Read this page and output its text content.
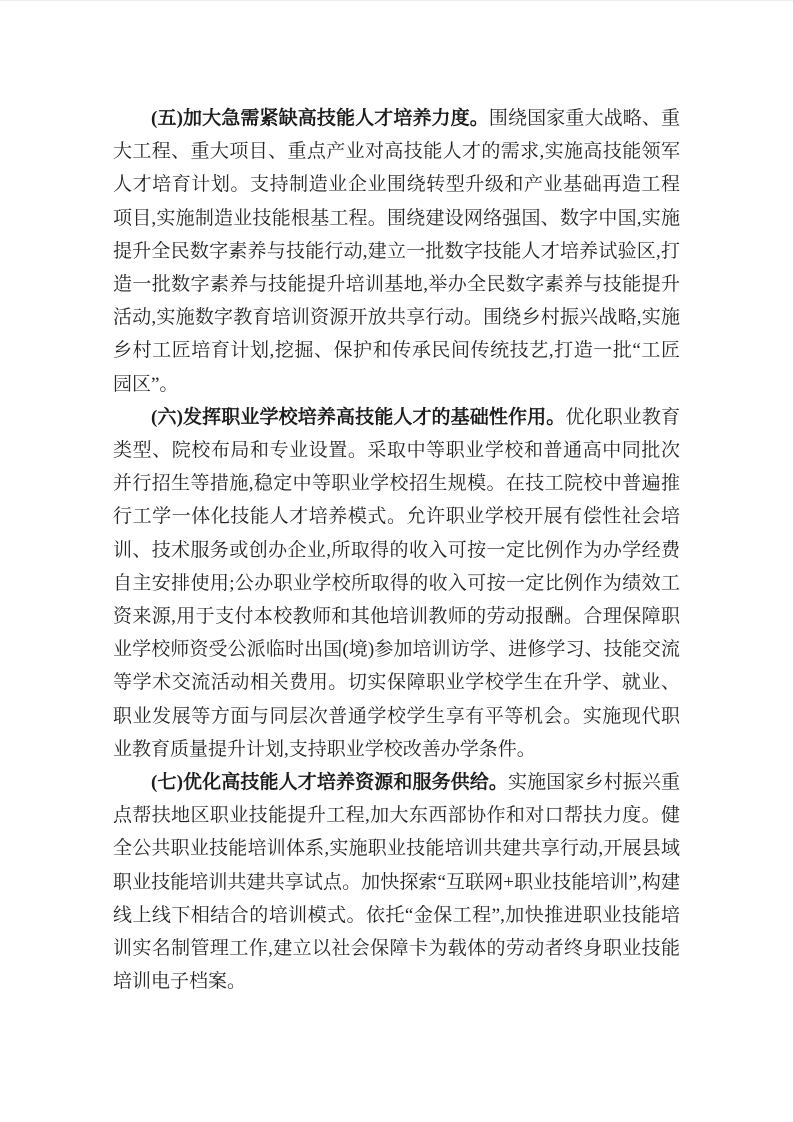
(五)加大急需紧缺高技能人才培养力度。围绕国家重大战略、重大工程、重大项目、重点产业对高技能人才的需求,实施高技能领军人才培育计划。支持制造业企业围绕转型升级和产业基础再造工程项目,实施制造业技能根基工程。围绕建设网络强国、数字中国,实施提升全民数字素养与技能行动,建立一批数字技能人才培养试验区,打造一批数字素养与技能提升培训基地,举办全民数字素养与技能提升活动,实施数字教育培训资源开放共享行动。围绕乡村振兴战略,实施乡村工匠培育计划,挖掘、保护和传承民间传统技艺,打造一批“工匠园区”。

(六)发挥职业学校培养高技能人才的基础性作用。优化职业教育类型、院校布局和专业设置。采取中等职业学校和普通高中同批次并行招生等措施,稳定中等职业学校招生规模。在技工院校中普遍推行工学一体化技能人才培养模式。允许职业学校开展有偿性社会培训、技术服务或创办企业,所取得的收入可按一定比例作为办学经费自主安排使用;公办职业学校所取得的收入可按一定比例作为绩效工资来源,用于支付本校教师和其他培训教师的劳动报酬。合理保障职业学校师资受公派临时出国(境)参加培训访学、进修学习、技能交流等学术交流活动相关费用。切实保障职业学校学生在升学、就业、职业发展等方面与同层次普通学校学生享有平等机会。实施现代职业教育质量提升计划,支持职业学校改善办学条件。

(七)优化高技能人才培养资源和服务供给。实施国家乡村振兴重点帮扶地区职业技能提升工程,加大东西部协作和对口帮扶力度。健全公共职业技能培训体系,实施职业技能培训共建共享行动,开展县域职业技能培训共建共享试点。加快探索“互联网+职业技能培训”,构建线上线下相结合的培训模式。依托“金保工程”,加快推进职业技能培训实名制管理工作,建立以社会保障卡为载体的劳动者终身职业技能培训电子档案。
